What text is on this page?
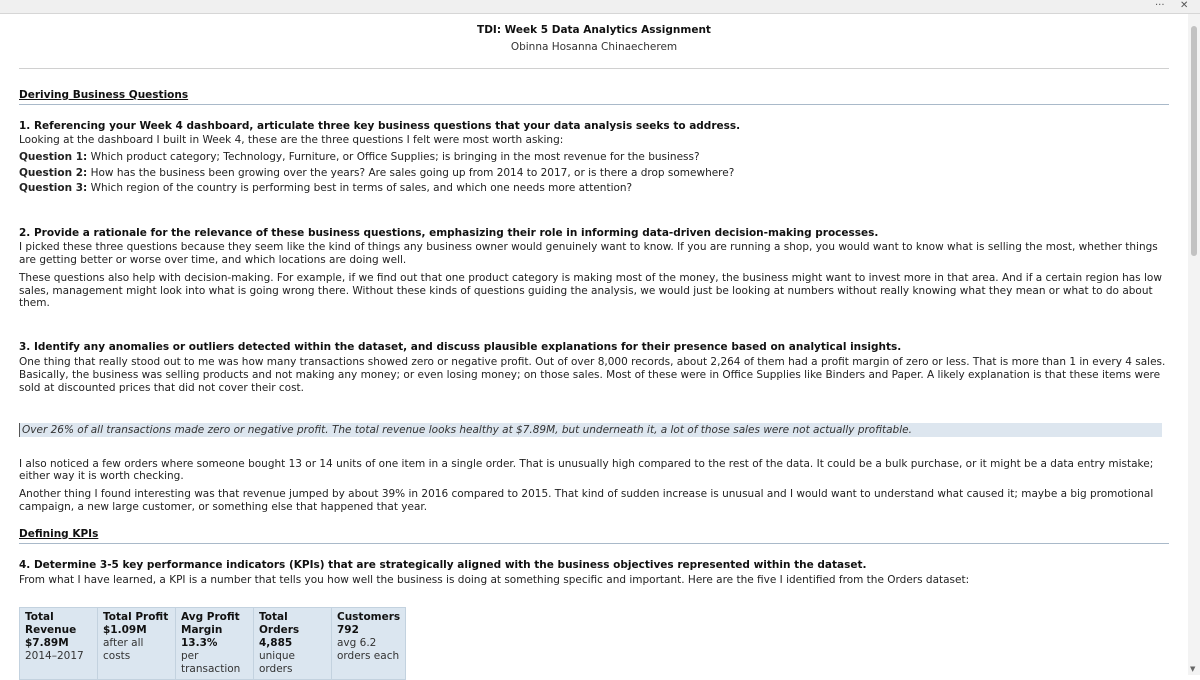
··· ✕
▼
TDI: Week 5 Data Analytics Assignment
Obinna Hosanna Chinaecherem
Deriving Business Questions
1. Referencing your Week 4 dashboard, articulate three key business questions that your data analysis seeks to address.

Looking at the dashboard I built in Week 4, these are the three questions I felt were most worth asking:

Question 1: Which product category; Technology, Furniture, or Office Supplies; is bringing in the most revenue for the business?

Question 2: How has the business been growing over the years? Are sales going up from 2014 to 2017, or is there a drop somewhere?

Question 3: Which region of the country is performing best in terms of sales, and which one needs more attention?

2. Provide a rationale for the relevance of these business questions, emphasizing their role in informing data-driven decision-making processes.

I picked these three questions because they seem like the kind of things any business owner would genuinely want to know. If you are running a shop, you would want to know what is selling the most, whether things are getting better or worse over time, and which locations are doing well.

These questions also help with decision-making. For example, if we find out that one product category is making most of the money, the business might want to invest more in that area. And if a certain region has low sales, management might look into what is going wrong there. Without these kinds of questions guiding the analysis, we would just be looking at numbers without really knowing what they mean or what to do about them.

3. Identify any anomalies or outliers detected within the dataset, and discuss plausible explanations for their presence based on analytical insights.

One thing that really stood out to me was how many transactions showed zero or negative profit. Out of over 8,000 records, about 2,264 of them had a profit margin of zero or less. That is more than 1 in every 4 sales. Basically, the business was selling products and not making any money; or even losing money; on those sales. Most of these were in Office Supplies like Binders and Paper. A likely explanation is that these items were sold at discounted prices that did not cover their cost.

Over 26% of all transactions made zero or negative profit. The total revenue looks healthy at $7.89M, but underneath it, a lot of those sales were not actually profitable.

I also noticed a few orders where someone bought 13 or 14 units of one item in a single order. That is unusually high compared to the rest of the data. It could be a bulk purchase, or it might be a data entry mistake; either way it is worth checking.

Another thing I found interesting was that revenue jumped by about 39% in 2016 compared to 2015. That kind of sudden increase is unusual and I would want to understand what caused it; maybe a big promotional campaign, a new large customer, or something else that happened that year.

Defining KPIs
4. Determine 3-5 key performance indicators (KPIs) that are strategically aligned with the business objectives represented within the dataset.

From what I have learned, a KPI is a number that tells you how well the business is doing at something specific and important. Here are the five I identified from the Orders dataset:

Total Revenue
$7.89M
2014–2017

Total Profit
$1.09M
after all costs

Avg Profit Margin
13.3%
per transaction

Total Orders
4,885
unique orders

Customers
792
avg 6.2 orders each
